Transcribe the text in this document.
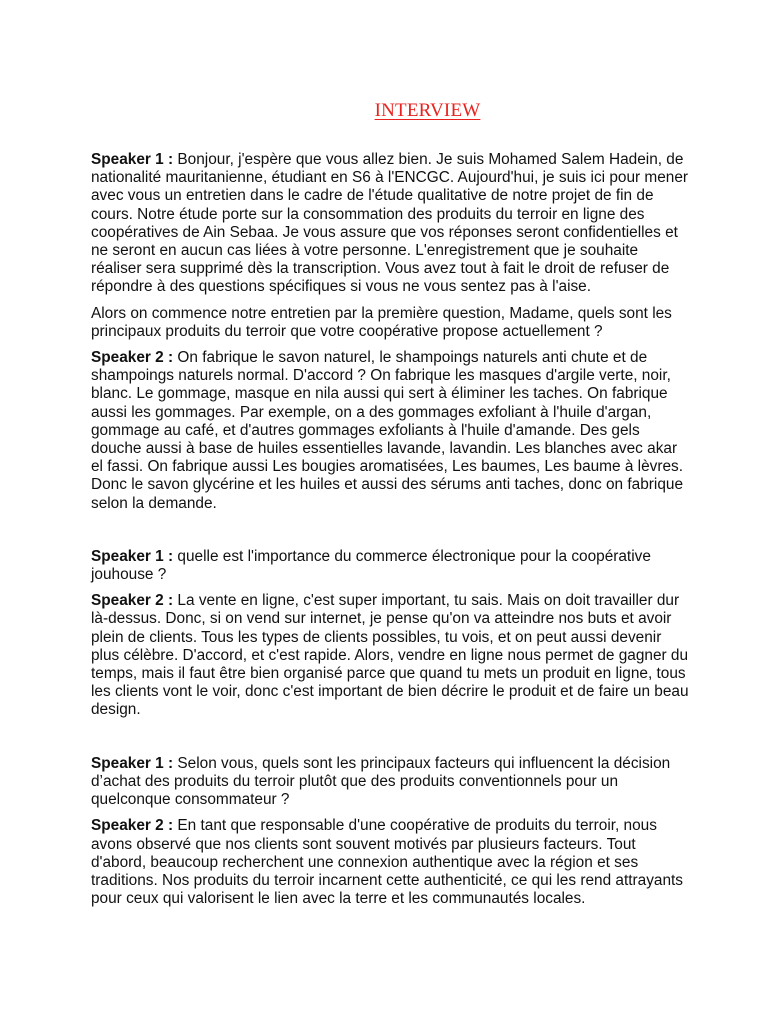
INTERVIEW

Speaker 1 : Bonjour, j'espère que vous allez bien. Je suis Mohamed Salem Hadein, de nationalité mauritanienne, étudiant en S6 à l'ENCGC. Aujourd'hui, je suis ici pour mener avec vous un entretien dans le cadre de l'étude qualitative de notre projet de fin de cours. Notre étude porte sur la consommation des produits du terroir en ligne des coopératives de Ain Sebaa. Je vous assure que vos réponses seront confidentielles et ne seront en aucun cas liées à votre personne. L'enregistrement que je souhaite réaliser sera supprimé dès la transcription. Vous avez tout à fait le droit de refuser de répondre à des questions spécifiques si vous ne vous sentez pas à l'aise.

Alors on commence notre entretien par la première question, Madame, quels sont les principaux produits du terroir que votre coopérative propose actuellement ?

Speaker 2 : On fabrique le savon naturel, le shampoings naturels anti chute et de shampoings naturels normal. D'accord ? On fabrique les masques d'argile verte, noir, blanc. Le gommage, masque en nila aussi qui sert à éliminer les taches. On fabrique aussi les gommages. Par exemple, on a des gommages exfoliant à l'huile d'argan, gommage au café, et d'autres gommages exfoliants à l'huile d'amande. Des gels douche aussi à base de huiles essentielles lavande, lavandin. Les blanches avec akar el fassi. On fabrique aussi Les bougies aromatisées, Les baumes, Les baume à lèvres. Donc le savon glycérine et les huiles et aussi des sérums anti taches, donc on fabrique selon la demande.

Speaker 1 : quelle est l'importance du commerce électronique pour la coopérative jouhouse ?

Speaker 2 : La vente en ligne, c'est super important, tu sais. Mais on doit travailler dur là-dessus. Donc, si on vend sur internet, je pense qu'on va atteindre nos buts et avoir plein de clients. Tous les types de clients possibles, tu vois, et on peut aussi devenir plus célèbre. D'accord, et c'est rapide. Alors, vendre en ligne nous permet de gagner du temps, mais il faut être bien organisé parce que quand tu mets un produit en ligne, tous les clients vont le voir, donc c'est important de bien décrire le produit et de faire un beau design.

Speaker 1 : Selon vous, quels sont les principaux facteurs qui influencent la décision d’achat des produits du terroir plutôt que des produits conventionnels pour un quelconque consommateur ?

Speaker 2 : En tant que responsable d'une coopérative de produits du terroir, nous avons observé que nos clients sont souvent motivés par plusieurs facteurs. Tout d'abord, beaucoup recherchent une connexion authentique avec la région et ses traditions. Nos produits du terroir incarnent cette authenticité, ce qui les rend attrayants pour ceux qui valorisent le lien avec la terre et les communautés locales.
